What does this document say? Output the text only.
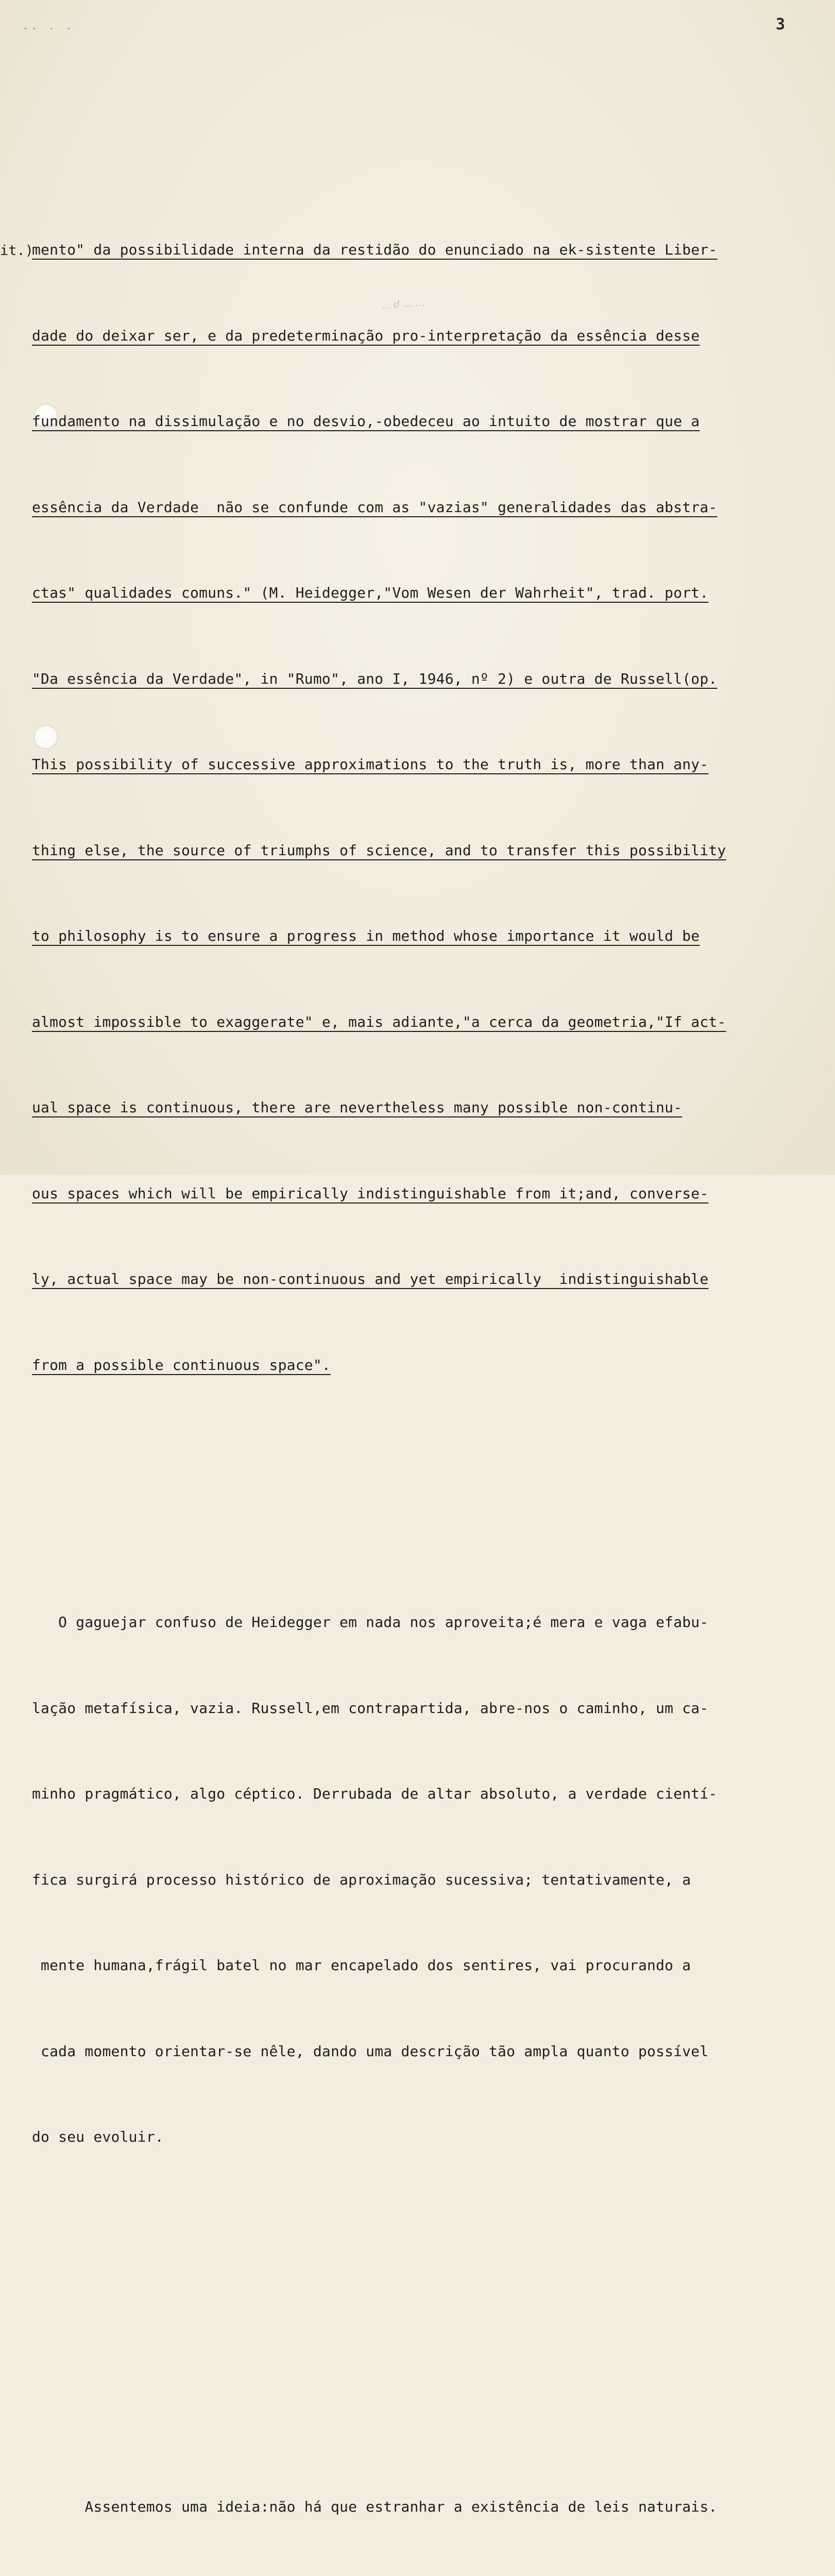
·· · ·	3
it.)
... d ... ...

mento" da possibilidade interna da restidão do enunciado na ek-sistente Liber-

dade do deixar ser, e da predeterminação pro-interpretação da essência desse

fundamento na dissimulação e no desvio,-obedeceu ao intuito de mostrar que a

essência da Verdade  não se confunde com as "vazias" generalidades das abstra-

ctas" qualidades comuns." (M. Heidegger,"Vom Wesen der Wahrheit", trad. port.

"Da essência da Verdade", in "Rumo", ano I, 1946, nº 2) e outra de Russell(op.

This possibility of successive approximations to the truth is, more than any-

thing else, the source of triumphs of science, and to transfer this possibility

to philosophy is to ensure a progress in method whose importance it would be

almost impossible to exaggerate" e, mais adiante,"a cerca da geometria,"If act-

ual space is continuous, there are nevertheless many possible non-continu-

ous spaces which will be empirically indistinguishable from it;and, converse-

ly, actual space may be non-continuous and yet empirically  indistinguishable

from a possible continuous space".

O gaguejar confuso de Heidegger em nada nos aproveita;é mera e vaga efabu-

lação metafísica, vazia. Russell,em contrapartida, abre-nos o caminho, um ca-

minho pragmático, algo céptico. Derrubada de altar absoluto, a verdade cientí-

fica surgirá processo histórico de aproximação sucessiva; tentativamente, a

mente humana,frágil batel no mar encapelado dos sentires, vai procurando a

cada momento orientar-se nêle, dando uma descrição tão ampla quanto possível

do seu evoluir.

Assentemos uma ideia:não há que estranhar a existência de leis naturais.
